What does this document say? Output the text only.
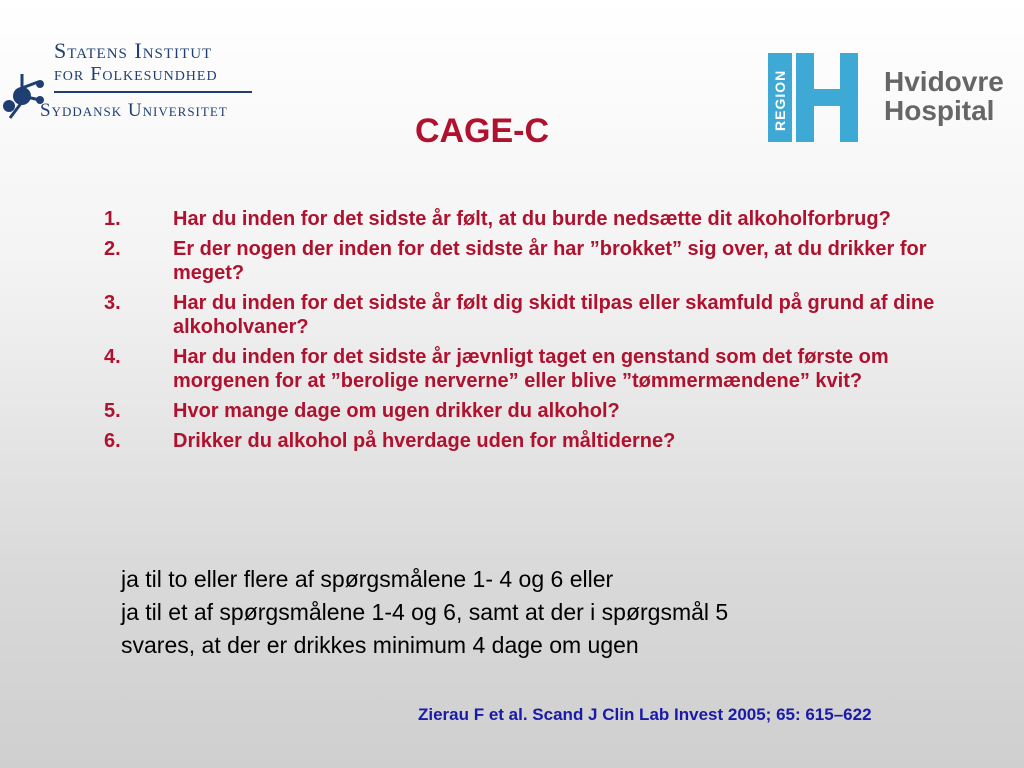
Statens Institut
for Folkesundhed
Syddansk Universitet	REGION	Hvidovre
Hospital
CAGE-C
1.	Har du inden for det sidste år følt, at du burde nedsætte dit alkoholforbrug?
2.	Er der nogen der inden for det sidste år har ”brokket” sig over, at du drikker for meget?
3.	Har du inden for det sidste år følt dig skidt tilpas eller skamfuld på grund af dine alkoholvaner?
4.	Har du inden for det sidste år jævnligt taget en genstand som det første om morgenen for at ”berolige nerverne” eller blive ”tømmermændene” kvit?
5.	Hvor mange dage om ugen drikker du alkohol?
6.	Drikker du alkohol på hverdage uden for måltiderne?
ja til to eller flere af spørgsmålene 1- 4 og 6 eller
ja til et af spørgsmålene 1-4 og 6, samt at der i spørgsmål 5
svares, at der er drikkes minimum 4 dage om ugen
Zierau F et al. Scand J Clin Lab Invest 2005; 65: 615–622
